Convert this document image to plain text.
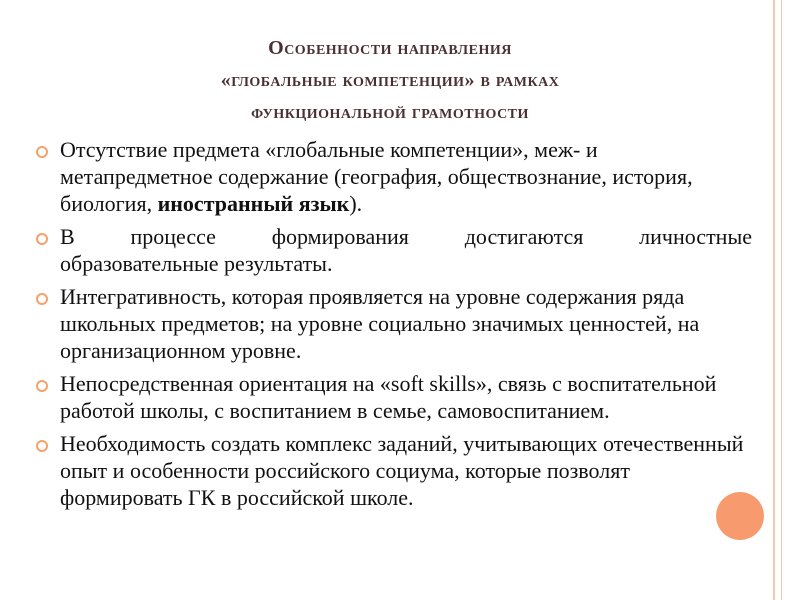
Особенности направления
«глобальные компетенции» в рамках
функциональной грамотности
Отсутствие предмета «глобальные компетенции», меж- и метапредметное содержание (география, обществознание, история, биология, иностранный язык).
В процессе формирования достигаются личностные
образовательные результаты.
Интегративность, которая проявляется на уровне содержания ряда школьных предметов; на уровне социально значимых ценностей, на организационном уровне.
Непосредственная ориентация на «soft skills», связь с воспитательной работой школы, с воспитанием в семье, самовоспитанием.
Необходимость создать комплекс заданий, учитывающих отечественный опыт и особенности российского социума, которые позволят формировать ГК в российской школе.
